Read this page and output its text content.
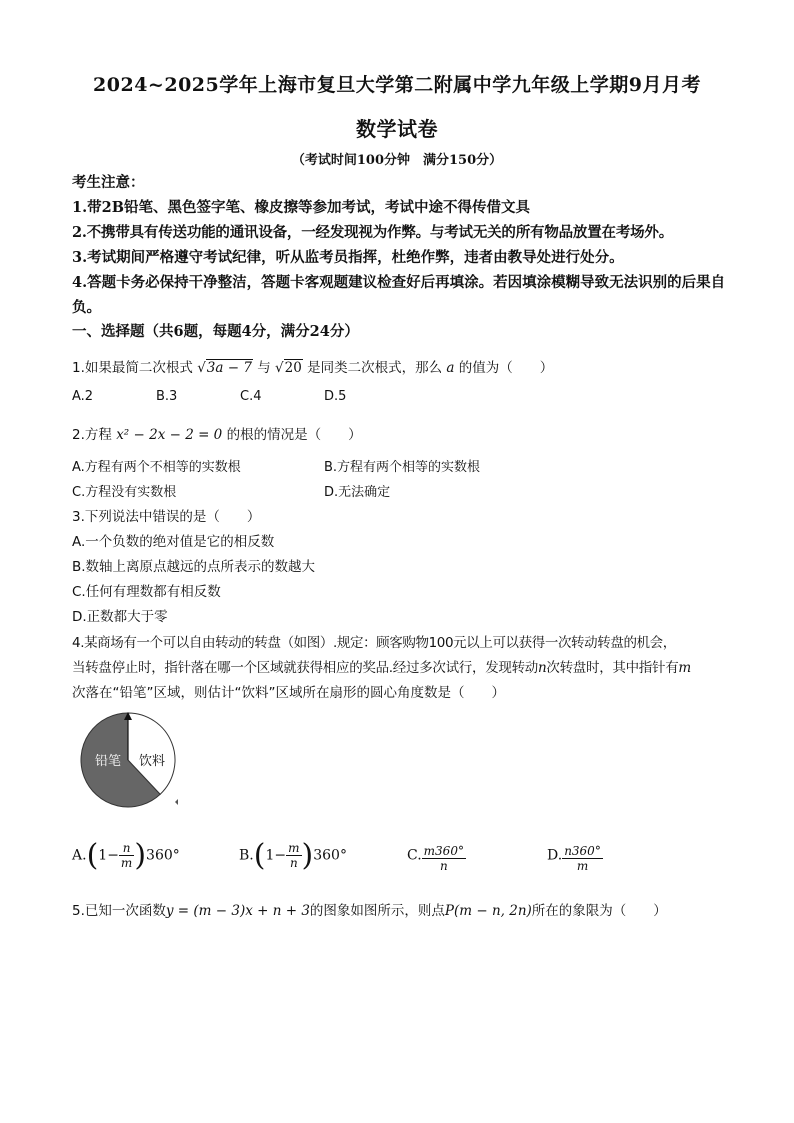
2024~2025学年上海市复旦大学第二附属中学九年级上学期9月月考
数学试卷
（考试时间100分钟　满分150分）
考生注意：
1.带2B铅笔、黑色签字笔、橡皮擦等参加考试，考试中途不得传借文具
2.不携带具有传送功能的通讯设备，一经发现视为作弊。与考试无关的所有物品放置在考场外。
3.考试期间严格遵守考试纪律，听从监考员指挥，杜绝作弊，违者由教导处进行处分。
4.答题卡务必保持干净整洁，答题卡客观题建议检查好后再填涂。若因填涂模糊导致无法识别的后果自负。
一、选择题（共6题，每题4分，满分24分）
1.如果最简二次根式 √3a − 7 与 √20 是同类二次根式，那么 a 的值为（　　）
A.2	B.3	C.4	D.5
2.方程 x² − 2x − 2 = 0 的根的情况是（　　）
A.方程有两个不相等的实数根	B.方程有两个相等的实数根
C.方程没有实数根	D.无法确定
3.下列说法中错误的是（　　）
A.一个负数的绝对值是它的相反数
B.数轴上离原点越远的点所表示的数越大
C.任何有理数都有相反数
D.正数都大于零
4.某商场有一个可以自由转动的转盘（如图）.规定：顾客购物100元以上可以获得一次转动转盘的机会，
当转盘停止时，指针落在哪一个区域就获得相应的奖品.经过多次试行，发现转动n次转盘时，其中指针有m
次落在“铅笔”区域，则估计“饮料”区域所在扇形的圆心角度数是（　　）
铅笔 饮料
$A.(1- \frac{n}{m} )360^\circ$	$B.(1- \frac{m}{n} )360^\circ$	C. $\frac{m360^\circ}{n}$	D. $\frac{n360^\circ}{m}$
5.已知一次函数y = (m − 3)x + n + 3的图象如图所示，则点P(m − n, 2n)所在的象限为（　　）
